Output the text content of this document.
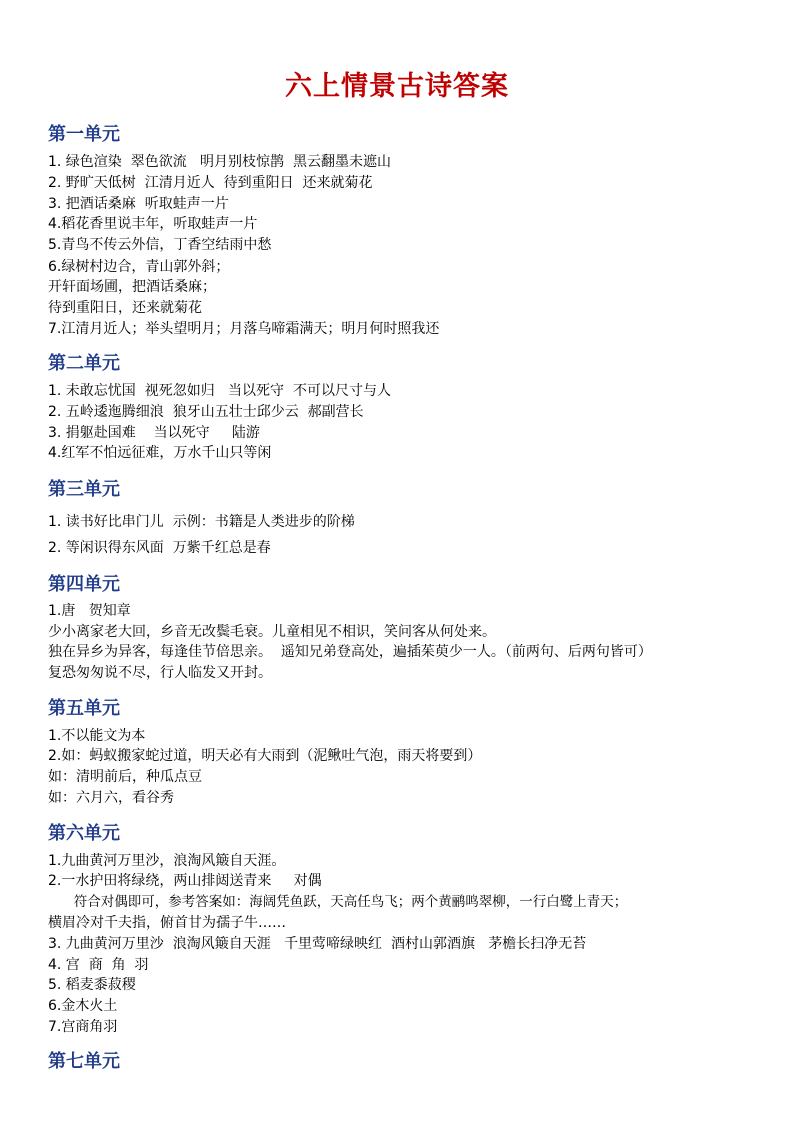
六上情景古诗答案
第一单元
1. 绿色渲染  翠色欲流   明月别枝惊鹊  黑云翻墨未遮山
2. 野旷天低树  江清月近人  待到重阳日  还来就菊花
3. 把酒话桑麻  听取蛙声一片
4.稻花香里说丰年，听取蛙声一片
5.青鸟不传云外信，丁香空结雨中愁
6.绿树村边合，青山郭外斜；
开轩面场圃，把酒话桑麻；
待到重阳日，还来就菊花
7.江清月近人；举头望明月；月落乌啼霜满天；明月何时照我还
第二单元
1. 未敢忘忧国  视死忽如归   当以死守  不可以尺寸与人
2. 五岭逶迤腾细浪  狼牙山五壮士邱少云  郝副营长
3. 捐躯赴国难    当以死守     陆游
4.红军不怕远征难，万水千山只等闲
第三单元
1. 读书好比串门儿  示例：书籍是人类进步的阶梯
2. 等闲识得东风面  万紫千红总是春
第四单元
1.唐   贺知章
少小离家老大回，乡音无改鬓毛衰。儿童相见不相识，笑问客从何处来。
独在异乡为异客，每逢佳节倍思亲。  遥知兄弟登高处，遍插茱萸少一人。（前两句、后两句皆可）
复恐匆匆说不尽，行人临发又开封。
第五单元
1.不以能文为本
2.如：蚂蚁搬家蛇过道，明天必有大雨到（泥鳅吐气泡，雨天将要到）
如：清明前后，种瓜点豆
如：六月六，看谷秀
第六单元
1.九曲黄河万里沙，浪淘风簸自天涯。
2.一水护田将绿绕，两山排闼送青来     对偶
符合对偶即可，参考答案如：海阔凭鱼跃，天高任鸟飞；两个黄鹂鸣翠柳，一行白鹭上青天；
横眉冷对千夫指，俯首甘为孺子牛……
3. 九曲黄河万里沙  浪淘风簸自天涯   千里莺啼绿映红  酒村山郭酒旗   茅檐长扫净无苔
4. 宫  商  角  羽
5. 稻麦黍菽稷
6.金木火土
7.宫商角羽
第七单元
